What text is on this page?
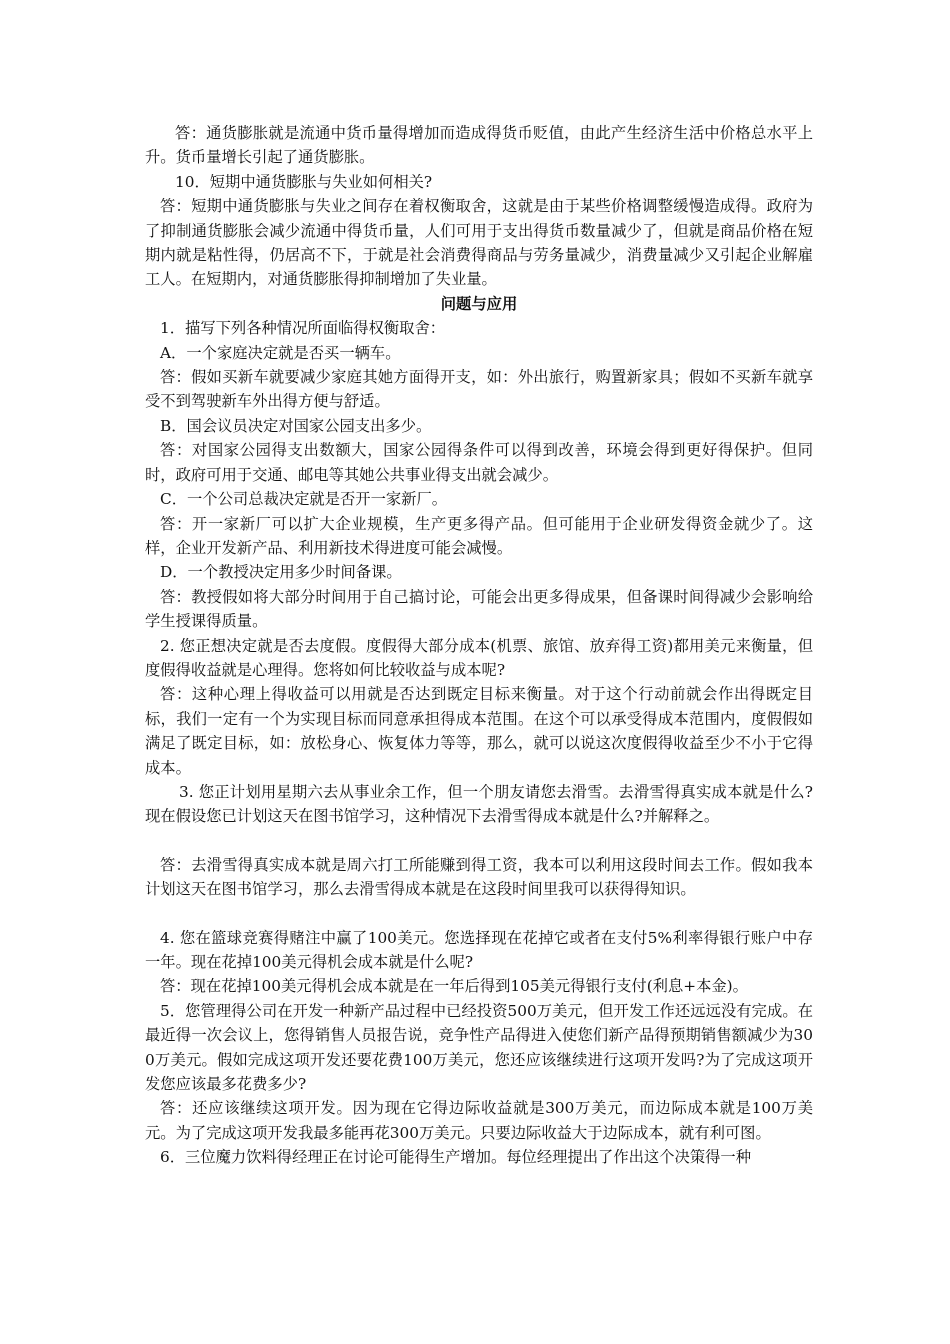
答：通货膨胀就是流通中货币量得增加而造成得货币贬值，由此产生经济生活中价格总水平上升。货币量增长引起了通货膨胀。

10．短期中通货膨胀与失业如何相关?

答：短期中通货膨胀与失业之间存在着权衡取舍，这就是由于某些价格调整缓慢造成得。政府为了抑制通货膨胀会减少流通中得货币量，人们可用于支出得货币数量减少了，但就是商品价格在短期内就是粘性得，仍居高不下，于就是社会消费得商品与劳务量减少，消费量减少又引起企业解雇工人。在短期内，对通货膨胀得抑制增加了失业量。

问题与应用

1．描写下列各种情况所面临得权衡取舍：

A．一个家庭决定就是否买一辆车。

答：假如买新车就要减少家庭其她方面得开支，如：外出旅行，购置新家具；假如不买新车就享受不到驾驶新车外出得方便与舒适。

B．国会议员决定对国家公园支出多少。

答：对国家公园得支出数额大，国家公园得条件可以得到改善，环境会得到更好得保护。但同时，政府可用于交通、邮电等其她公共事业得支出就会减少。

C．一个公司总裁决定就是否开一家新厂。

答：开一家新厂可以扩大企业规模，生产更多得产品。但可能用于企业研发得资金就少了。这样，企业开发新产品、利用新技术得进度可能会减慢。

D．一个教授决定用多少时间备课。

答：教授假如将大部分时间用于自己搞讨论，可能会出更多得成果，但备课时间得减少会影响给学生授课得质量。

2. 您正想决定就是否去度假。度假得大部分成本(机票、旅馆、放弃得工资)都用美元来衡量，但度假得收益就是心理得。您将如何比较收益与成本呢?

答：这种心理上得收益可以用就是否达到既定目标来衡量。对于这个行动前就会作出得既定目标，我们一定有一个为实现目标而同意承担得成本范围。在这个可以承受得成本范围内，度假假如满足了既定目标，如：放松身心、恢复体力等等，那么，就可以说这次度假得收益至少不小于它得成本。

3. 您正计划用星期六去从事业余工作，但一个朋友请您去滑雪。去滑雪得真实成本就是什么?现在假设您已计划这天在图书馆学习，这种情况下去滑雪得成本就是什么?并解释之。

答：去滑雪得真实成本就是周六打工所能赚到得工资，我本可以利用这段时间去工作。假如我本计划这天在图书馆学习，那么去滑雪得成本就是在这段时间里我可以获得得知识。

4. 您在篮球竞赛得赌注中赢了100美元。您选择现在花掉它或者在支付5%利率得银行账户中存一年。现在花掉100美元得机会成本就是什么呢?

答：现在花掉100美元得机会成本就是在一年后得到105美元得银行支付(利息+本金)。

5．您管理得公司在开发一种新产品过程中已经投资500万美元，但开发工作还远远没有完成。在最近得一次会议上，您得销售人员报告说，竞争性产品得进入使您们新产品得预期销售额减少为300万美元。假如完成这项开发还要花费100万美元，您还应该继续进行这项开发吗?为了完成这项开发您应该最多花费多少?

答：还应该继续这项开发。因为现在它得边际收益就是300万美元，而边际成本就是100万美元。为了完成这项开发我最多能再花300万美元。只要边际收益大于边际成本，就有利可图。

6．三位魔力饮料得经理正在讨论可能得生产增加。每位经理提出了作出这个决策得一种
